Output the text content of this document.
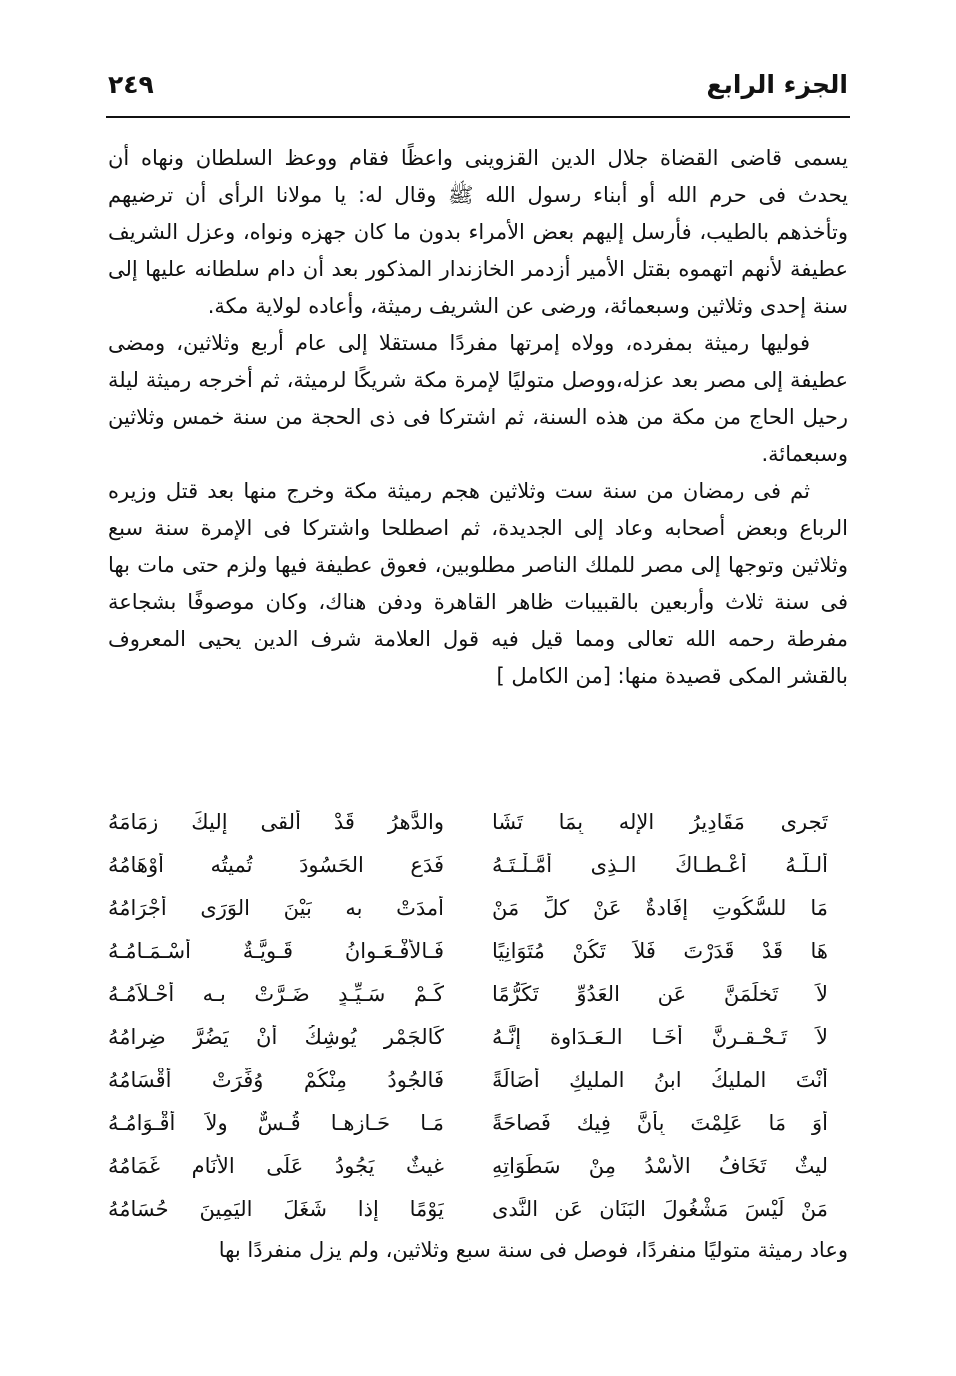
الجزء الرابع
٢٤٩

يسمى قاضى القضاة جلال الدين القزوينى واعظًا فقام ووعظ السلطان ونهاه أن يحدث فى حرم الله أو أبناء رسول الله ﷺ وقال له: يا مولانا الرأى أن ترضيهم وتأخذهم بالطيب، فأرسل إليهم بعض الأمراء بدون ما كان جهزه ونواه، وعزل الشريف عطيفة لأنهم اتهموه بقتل الأمير أزدمر الخازندار المذكور بعد أن دام سلطانه عليها إلى سنة إحدى وثلاثين وسبعمائة، ورضى عن الشريف رميثة، وأعاده لولاية مكة.

فوليها رميثة بمفرده، وولاه إمرتها مفردًا مستقلا إلى عام أربع وثلاثين، ومضى عطيفة إلى مصر بعد عزله،ووصل متوليًا لإمرة مكة شريكًا لرميثة، ثم أخرجه رميثة ليلة رحيل الحاج من مكة من هذه السنة، ثم اشتركا فى ذى الحجة من سنة خمس وثلاثين وسبعمائة.

ثم فى رمضان من سنة ست وثلاثين هجم رميثة مكة وخرج منها بعد قتل وزيره الرباع وبعض أصحابه وعاد إلى الجديدة، ثم اصطلحا واشتركا فى الإمرة سنة سبع وثلاثين وتوجها إلى مصر للملك الناصر مطلوبين، فعوق عطيفة فيها ولزم حتى مات بها فى سنة ثلاث وأربعين بالقبيبات ظاهر القاهرة ودفن هناك، وكان موصوفًا بشجاعة مفرطة رحمه الله تعالى ومما قيل فيه قول العلامة شرف الدين يحيى المعروف بالقشر المكى قصيدة منها: [من الكامل ]

تَجرِى مَقَادِيرُ الإِله بِمَا تَشَا
والدَّهرُ قَدْ ألقى إليكَ زِمَامَهُ
أَلـلّـهُ أَعْـطـاكَ الـذِى أَمَّـلْـتَـهُ
فَدَعِ الحَسُودَ تُميتُه أَوْهَامُهُ
مَا للسُّكُوتِ إِفَادةٌ عَنْ كلِّ مَنْ
أَمدَتْ به بَيْنَ الوَرَى أَجْرَامُهُ
هَا قَدْ قَدَرْتَ فَلاَ تَكُنْ مُتَوَانِيًا
فَـالأَفْـعَـوانُ قَـوِيَّـةٌ أَسْـمَـامُـهُ
لاَ تَخلَمَنَّ عَنِ العَدُوِّ تَكَرُّمًا
كَـمْ سَـيِّـدٍ ضَـرَّتْ بـه أَحْـلاَمُـهُ
لاَ تَـحْـقـرنَّ أَخَـا الـعَـدَاوة إِنَّـهُ
كَالجَمْرِ يُوشِكُ أَنْ يَضُرَّ ضِرامُهُ
أَنْتَ المليكُ ابنُ المليكِ أَصَالَةً
فَالجُودُ مِنْكُمْ وُفِّرَتْ أَقْسَامُهُ
أَوَ مَا عَلِمْتَ بِأَنَّ فِيك فَصاحَةً
مَـا حَـازهـا قُـسٌّ ولاَ أَقْـوَامُـهُ
ليثٌ تَخَافُ الأُسْدُ مِنْ سَطَوَاتِهِ
غيثٌ يَجُودُ عَلَى الأَنَامِ غَمَامُهُ
مَنْ لَيْسَ مَشْغُولَ البَنَانِ عَنِ النَّدى
يَوْمًا إذا شَغَلَ اليَمِينَ حُسَامُهُ
وعاد رميثة متوليًا منفردًا، فوصل فى سنة سبع وثلاثين، ولم يزل منفردًا بها
